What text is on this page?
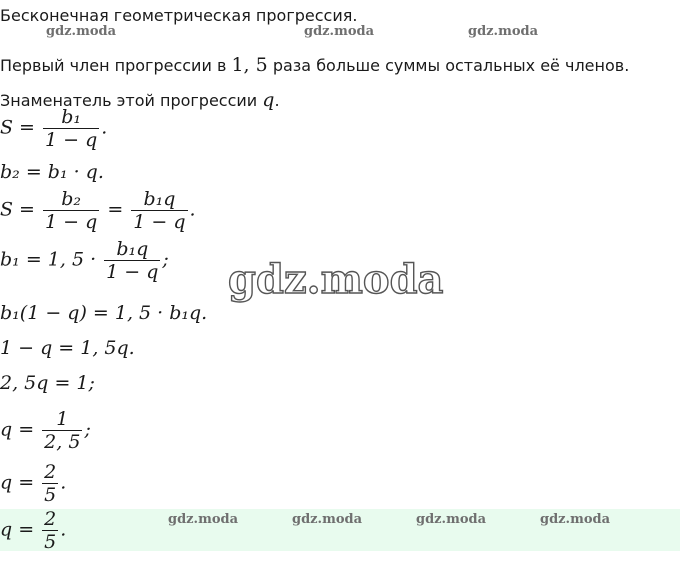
Бесконечная геометрическая прогрессия.
gdz.moda	gdz.moda	gdz.moda
Первый член прогрессии в 1, 5 раза больше суммы остальных её членов.
Знаменатель этой прогрессии q.
$S = \frac{\text{b₁}}{1 - q}$ .
b₂ = b₁ · q.
$S = \frac{\text{b₂}}{1 - q} = \frac{\text{b₁q}}{1 - q}$ .
b₁ = 1, $5 \cdot \frac{\text{b₁q}}{1 - q}$ ; gdz.moda
b₁(1 − q) = 1, 5 · b₁q.
1 − q = 1, 5q.
2, 5q = 1;
$q = \frac{1}{2, 5}$ ;
$q = \frac{2}{5}$ .
gdz.moda	gdz.moda	gdz.moda	gdz.moda
$q = \frac{2}{5}$ .
